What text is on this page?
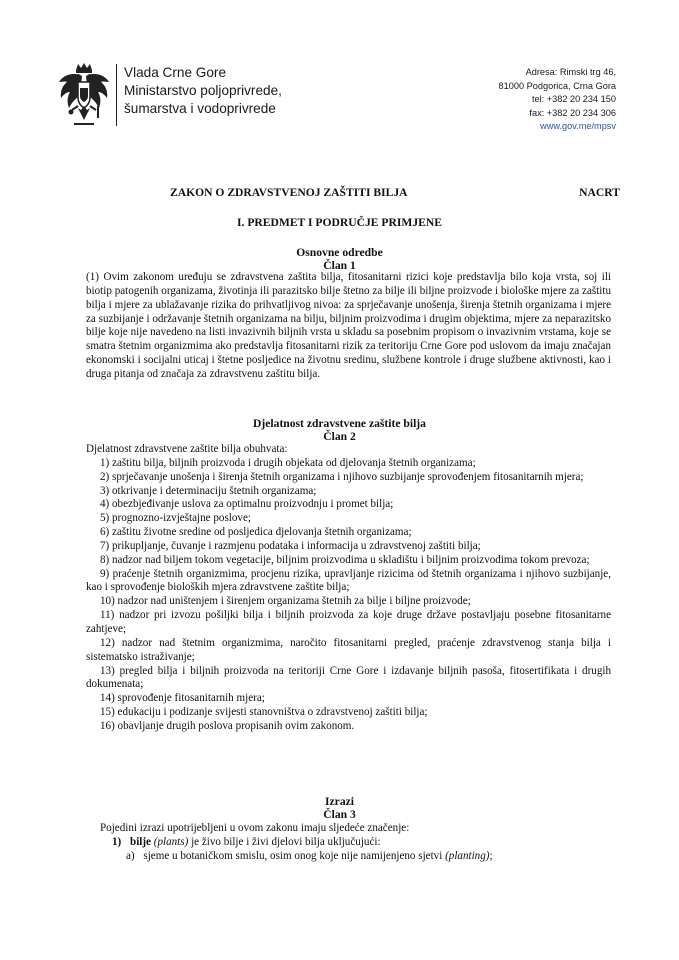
Vlada Crne Gore
Ministarstvo poljoprivrede,
šumarstva i vodoprivrede
Adresa: Rimski trg 46,
81000 Podgorica, Crna Gora
tel: +382 20 234 150
fax: +382 20 234 306
www.gov.me/mpsv
ZAKON O ZDRAVSTVENOJ ZAŠTITI BILJA	NACRT
I. PREDMET I PODRUČJE PRIMJENE
Osnovne odredbe
Član 1
(1) Ovim zakonom uređuju se zdravstvena zaštita bilja, fitosanitarni rizici koje predstavlja bilo koja vrsta, soj ili biotip patogenih organizama, životinja ili parazitsko bilje štetno za bilje ili biljne proizvode i biološke mjere za zaštitu bilja i mjere za ublažavanje rizika do prihvatljivog nivoa: za sprječavanje unošenja, širenja štetnih organizama i mjere za suzbijanje i održavanje štetnih organizama na bilju, biljnim proizvodima i drugim objektima, mjere za neparazitsko bilje koje nije navedeno na listi invazivnih biljnih vrsta u skladu sa posebnim propisom o invazivnim vrstama, koje se smatra štetnim organizmima ako predstavlja fitosanitarni rizik za teritoriju Crne Gore pod uslovom da imaju značajan ekonomski i socijalni uticaj i štetne posljedice na životnu sredinu, službene kontrole i druge službene aktivnosti, kao i druga pitanja od značaja za zdravstvenu zaštitu bilja.
Djelatnost zdravstvene zaštite bilja
Član 2
Djelatnost zdravstvene zaštite bilja obuhvata:
1) zaštitu bilja, biljnih proizvoda i drugih objekata od djelovanja štetnih organizama;
2) sprječavanje unošenja i širenja štetnih organizama i njihovo suzbijanje sprovođenjem fitosanitarnih mjera;
3) otkrivanje i determinaciju štetnih organizama;
4) obezbjeđivanje uslova za optimalnu proizvodnju i promet bilja;
5) prognozno-izvještajne poslove;
6) zaštitu životne sredine od posljedica djelovanja štetnih organizama;
7) prikupljanje, čuvanje i razmjenu podataka i informacija u zdravstvenoj zaštiti bilja;
8) nadzor nad biljem tokom vegetacije, biljnim proizvodima u skladištu i biljnim proizvodima tokom prevoza;
9) praćenje štetnih organizmima, procjenu rizika, upravljanje rizicima od štetnih organizama i njihovo suzbijanje, kao i sprovođenje bioloških mjera zdravstvene zaštite bilja;
10) nadzor nad uništenjem i širenjem organizama štetnih za bilje i biljne proizvode;
11) nadzor pri izvozu pošiljki bilja i biljnih proizvoda za koje druge države postavljaju posebne fitosanitarne zahtjeve;
12) nadzor nad štetnim organizmima, naročito fitosanitarni pregled, praćenje zdravstvenog stanja bilja i sistematsko istraživanje;
13) pregled bilja i biljnih proizvoda na teritoriji Crne Gore i izdavanje biljnih pasoša, fitosertifikata i drugih dokumenata;
14) sprovođenje fitosanitarnih mjera;
15) edukaciju i podizanje svijesti stanovništva o zdravstvenoj zaštiti bilja;
16) obavljanje drugih poslova propisanih ovim zakonom.
Izrazi
Član 3
Pojedini izrazi upotrijebljeni u ovom zakonu imaju sljedeće značenje:
1) bilje (plants) je živo bilje i živi djelovi bilja uključujući:
a) sjeme u botaničkom smislu, osim onog koje nije namijenjeno sjetvi (planting);
